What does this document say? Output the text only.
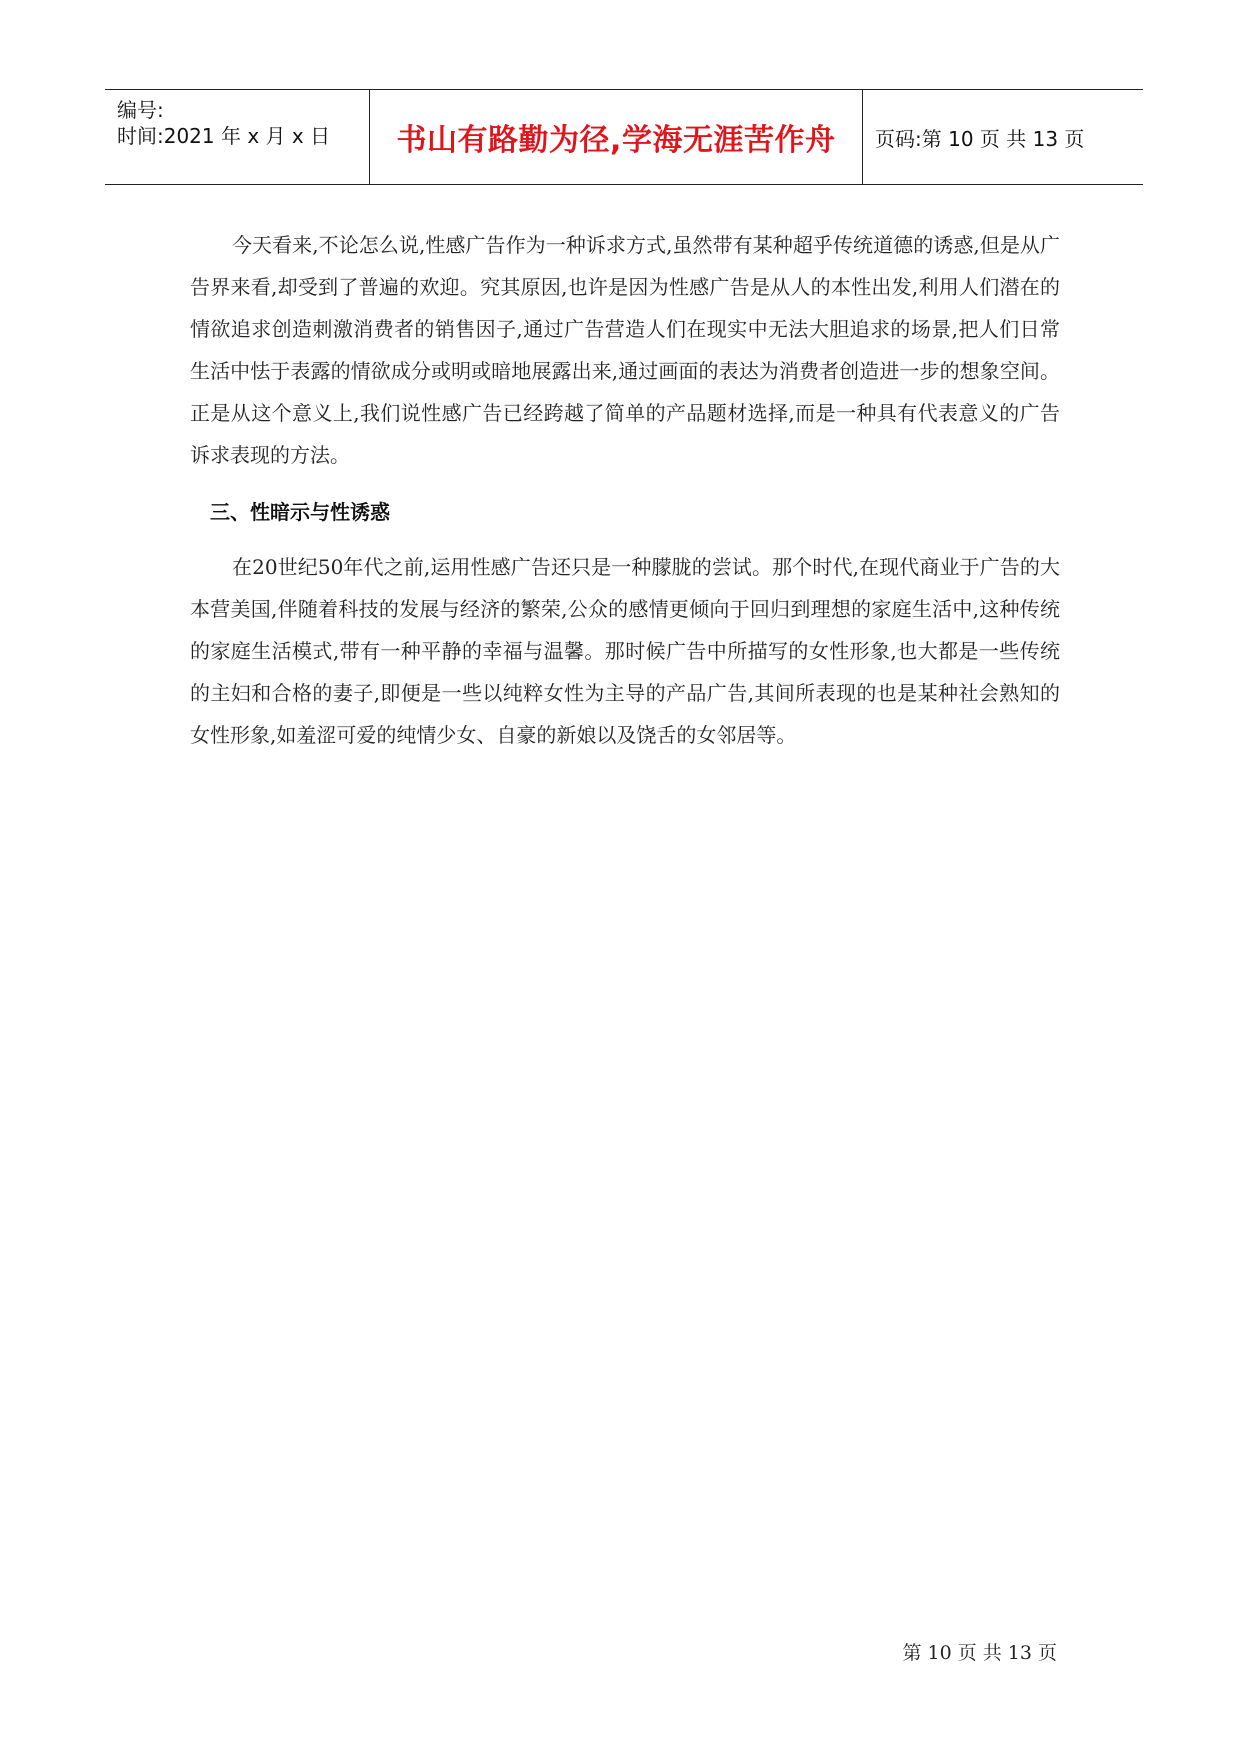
编号:
时间:2021 年 x 月 x 日 书山有路勤为径,学海无涯苦作舟 页码:第 10 页 共 13 页

今天看来,不论怎么说,性感广告作为一种诉求方式,虽然带有某种超乎传统道德的诱惑,但是从广告界来看,却受到了普遍的欢迎。究其原因,也许是因为性感广告是从人的本性出发,利用人们潜在的情欲追求创造刺激消费者的销售因子,通过广告营造人们在现实中无法大胆追求的场景,把人们日常生活中怯于表露的情欲成分或明或暗地展露出来,通过画面的表达为消费者创造进一步的想象空间。正是从这个意义上,我们说性感广告已经跨越了简单的产品题材选择,而是一种具有代表意义的广告诉求表现的方法。

三、性暗示与性诱惑

在20世纪50年代之前,运用性感广告还只是一种朦胧的尝试。那个时代,在现代商业于广告的大本营美国,伴随着科技的发展与经济的繁荣,公众的感情更倾向于回归到理想的家庭生活中,这种传统的家庭生活模式,带有一种平静的幸福与温馨。那时候广告中所描写的女性形象,也大都是一些传统的主妇和合格的妻子,即便是一些以纯粹女性为主导的产品广告,其间所表现的也是某种社会熟知的女性形象,如羞涩可爱的纯情少女、自豪的新娘以及饶舌的女邻居等。

第 10 页 共 13 页
